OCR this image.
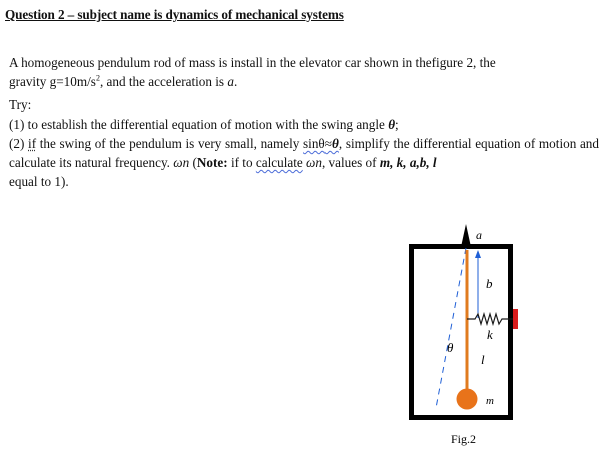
Question 2 – subject name is dynamics of mechanical systems
A homogeneous pendulum rod of mass is install in the elevator car shown in thefigure 2, the
gravity $g=10m/s^2$, and the acceleration is a.
Try:
(1) to establish the differential equation of motion with the swing angle θ;
(2) if the swing of the pendulum is very small, namely sinθ≈θ, simplify the differential equation of motion and calculate its natural frequency. ωn (Note: if to calculate ωn, values of m, k, a,b, l
equal to 1).
a
b
k
θ
l
m
Fig.2
